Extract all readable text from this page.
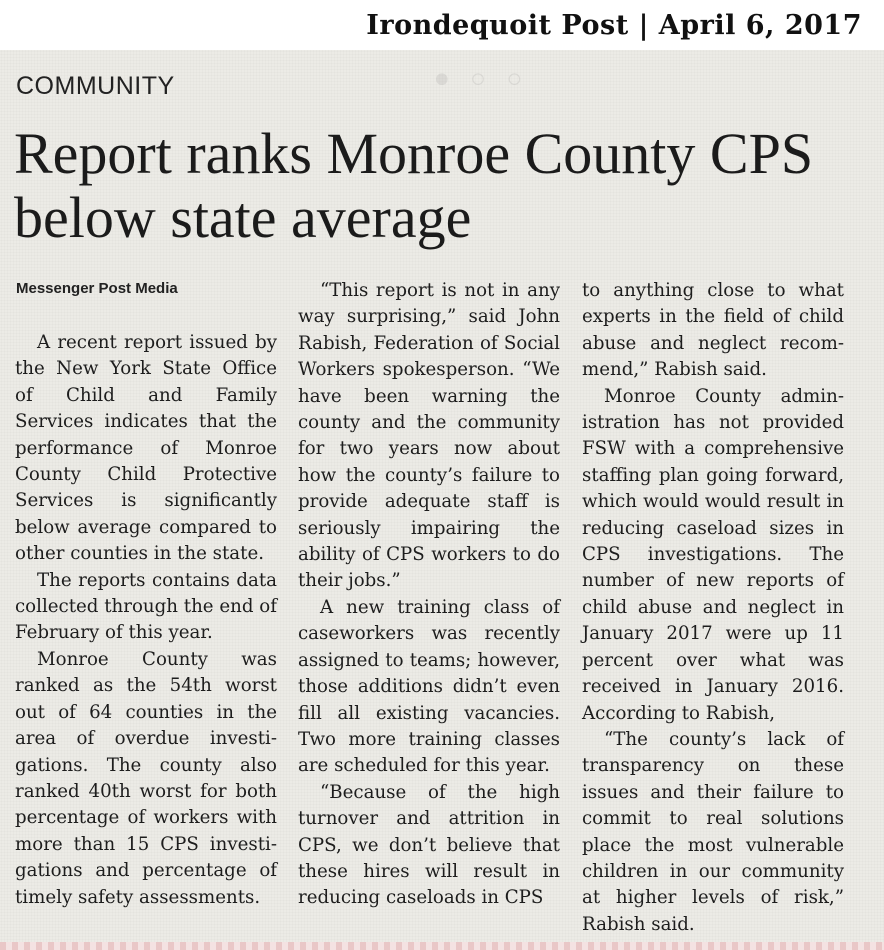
Irondequoit Post | April 6, 2017
• ◦ ◦
COMMUNITY
Report ranks Monroe County CPS below state average
Messenger Post Media

A recent report issued by the New York State Office of Child and Family Services indicates that the performance of Monroe County Child Protective Services is significantly below average compared to other counties in the state.

The reports contains data collected through the end of February of this year.

Monroe County was ranked as the 54th worst out of 64 counties in the area of overdue investigations. The county also ranked 40th worst for both percentage of workers with more than 15 CPS investigations and percentage of timely safety assessments.

“This report is not in any way surprising,” said John Rabish, Federation of Social Workers spokesperson. “We have been warning the county and the community for two years now about how the county’s failure to provide adequate staff is seriously impairing the ability of CPS workers to do their jobs.”

A new training class of caseworkers was recently assigned to teams; however, those additions didn’t even fill all existing vacancies. Two more training classes are scheduled for this year.

“Because of the high turnover and attrition in CPS, we don’t believe that these hires will result in reducing caseloads in CPS

to anything close to what experts in the field of child abuse and neglect recommend,” Rabish said.

Monroe County administration has not provided FSW with a comprehensive staffing plan going forward, which would would result in reducing caseload sizes in CPS investigations. The number of new reports of child abuse and neglect in January 2017 were up 11 percent over what was received in January 2016. According to Rabish,

“The county’s lack of transparency on these issues and their failure to commit to real solutions place the most vulnerable children in our community at higher levels of risk,” Rabish said.
